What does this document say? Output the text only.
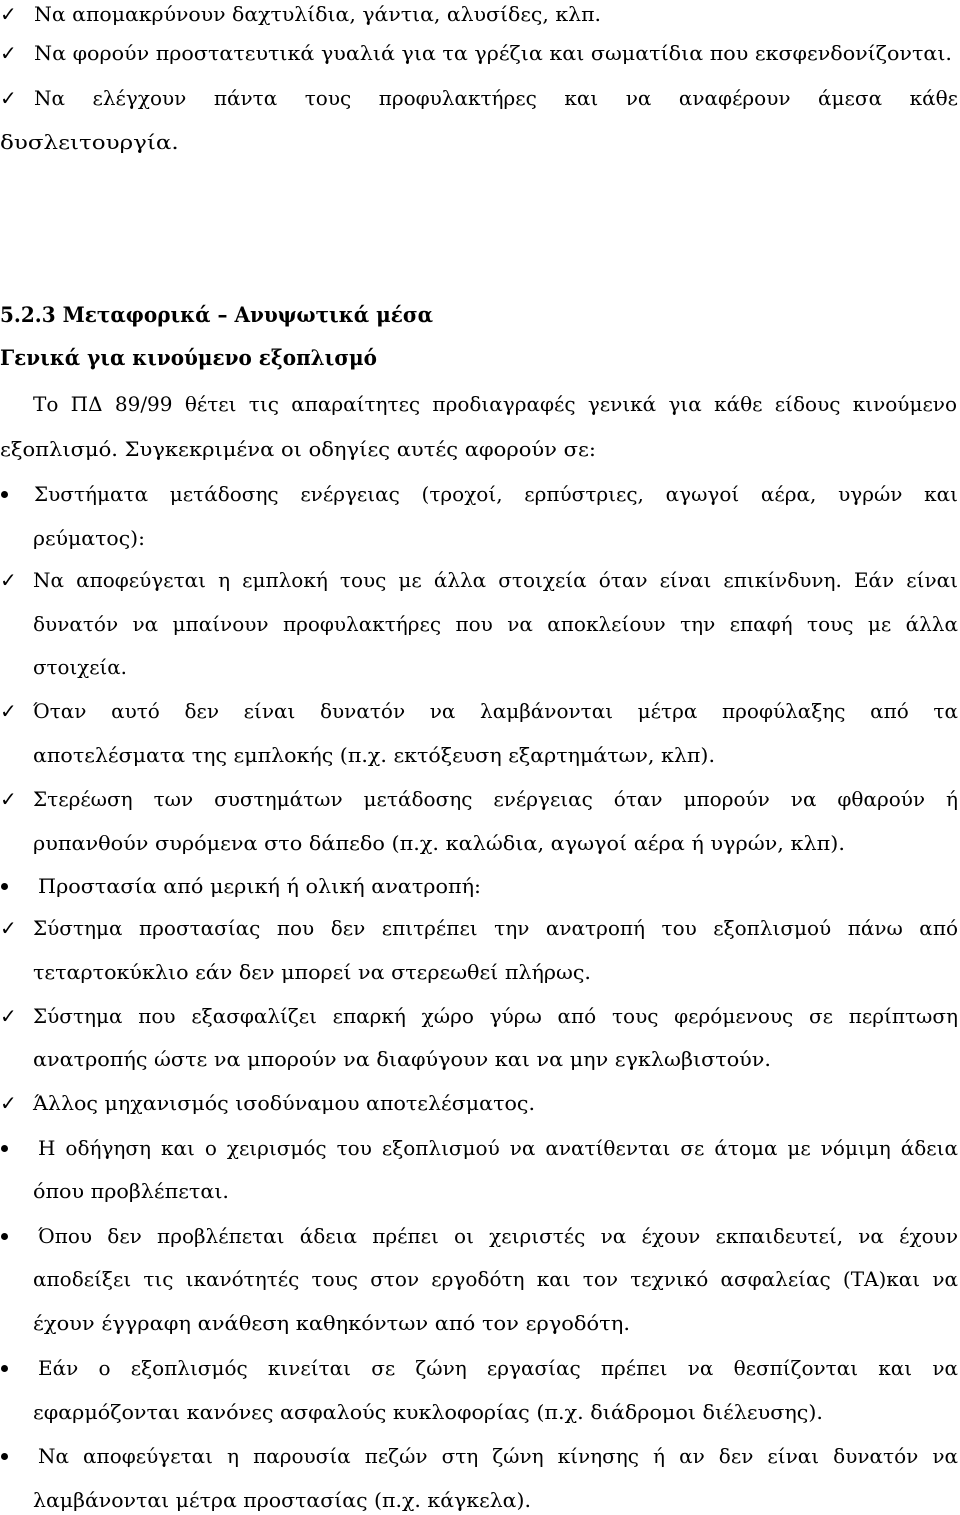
✓ Να απομακρύνουν δαχτυλίδια, γάντια, αλυσίδες, κλπ.
✓ Να φορούν προστατευτικά γυαλιά για τα γρέζια και σωματίδια που εκσφενδονίζονται.
✓ Να ελέγχουν πάντα τους προφυλακτήρες και να αναφέρουν άμεσα κάθε
δυσλειτουργία.
5.2.3 Μεταφορικά – Ανυψωτικά μέσα
Γενικά για κινούμενο εξοπλισμό
Το ΠΔ 89/99 θέτει τις απαραίτητες προδιαγραφές γενικά για κάθε είδους κινούμενο
εξοπλισμό. Συγκεκριμένα οι οδηγίες αυτές αφορούν σε:
Συστήματα μετάδοσης ενέργειας (τροχοί, ερπύστριες, αγωγοί αέρα, υγρών και
ρεύματος):
✓ Να αποφεύγεται η εμπλοκή τους με άλλα στοιχεία όταν είναι επικίνδυνη. Εάν είναι
δυνατόν να μπαίνουν προφυλακτήρες που να αποκλείουν την επαφή τους με άλλα
στοιχεία.
✓ Όταν αυτό δεν είναι δυνατόν να λαμβάνονται μέτρα προφύλαξης από τα
αποτελέσματα της εμπλοκής (π.χ. εκτόξευση εξαρτημάτων, κλπ).
✓ Στερέωση των συστημάτων μετάδοσης ενέργειας όταν μπορούν να φθαρούν ή
ρυπανθούν συρόμενα στο δάπεδο (π.χ. καλώδια, αγωγοί αέρα ή υγρών, κλπ).
Προστασία από μερική ή ολική ανατροπή:
✓ Σύστημα προστασίας που δεν επιτρέπει την ανατροπή του εξοπλισμού πάνω από
τεταρτοκύκλιο εάν δεν μπορεί να στερεωθεί πλήρως.
✓ Σύστημα που εξασφαλίζει επαρκή χώρο γύρω από τους φερόμενους σε περίπτωση
ανατροπής ώστε να μπορούν να διαφύγουν και να μην εγκλωβιστούν.
✓ Άλλος μηχανισμός ισοδύναμου αποτελέσματος.
Η οδήγηση και ο χειρισμός του εξοπλισμού να ανατίθενται σε άτομα με νόμιμη άδεια
όπου προβλέπεται.
Όπου δεν προβλέπεται άδεια πρέπει οι χειριστές να έχουν εκπαιδευτεί, να έχουν
αποδείξει τις ικανότητές τους στον εργοδότη και τον τεχνικό ασφαλείας (ΤΑ)και να
έχουν έγγραφη ανάθεση καθηκόντων από τον εργοδότη.
Εάν ο εξοπλισμός κινείται σε ζώνη εργασίας πρέπει να θεσπίζονται και να
εφαρμόζονται κανόνες ασφαλούς κυκλοφορίας (π.χ. διάδρομοι διέλευσης).
Να αποφεύγεται η παρουσία πεζών στη ζώνη κίνησης ή αν δεν είναι δυνατόν να
λαμβάνονται μέτρα προστασίας (π.χ. κάγκελα).
